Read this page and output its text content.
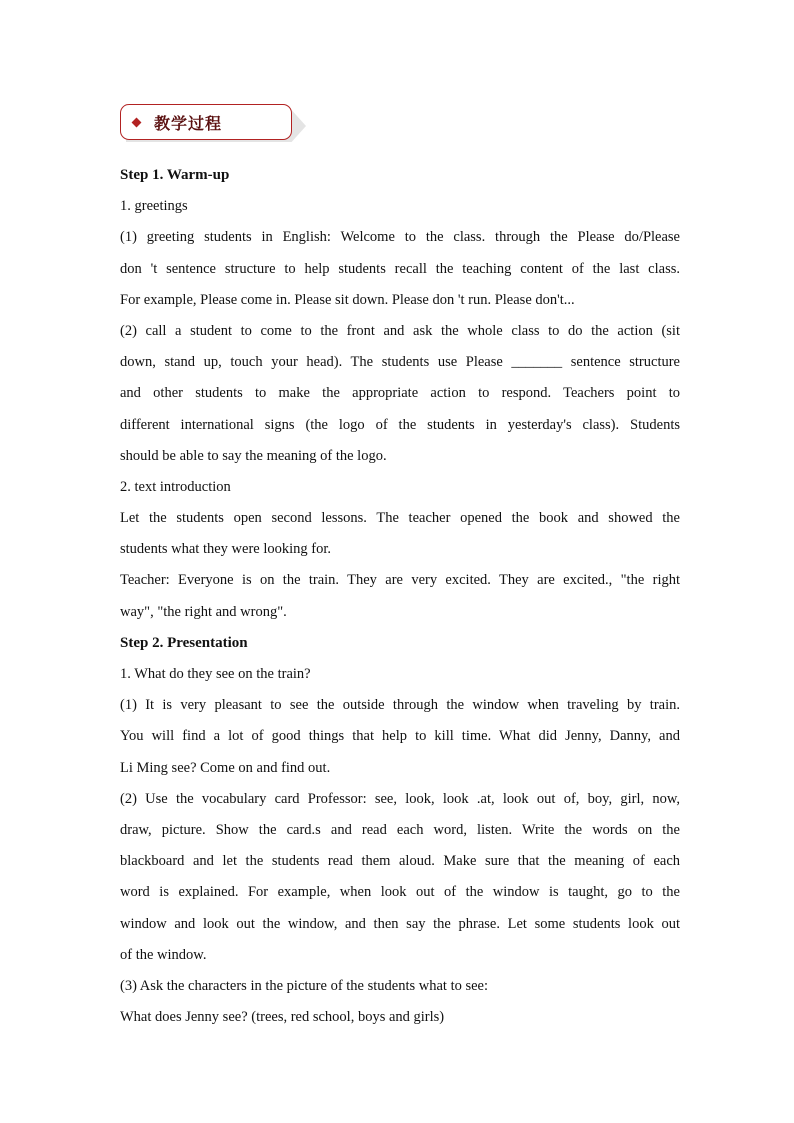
教学过程
Step 1. Warm-up
1. greetings
(1) greeting students in English: Welcome to the class. through the Please do/Please
don 't sentence structure to help students recall the teaching content of the last class.
For example, Please come in. Please sit down. Please don 't run. Please don't...
(2) call a student to come to the front and ask the whole class to do the action (sit
down, stand up, touch your head). The students use Please _______ sentence structure
and other students to make the appropriate action to respond. Teachers point to
different international signs (the logo of the students in yesterday's class). Students
should be able to say the meaning of the logo.
2. text introduction
Let the students open second lessons. The teacher opened the book and showed the
students what they were looking for.
Teacher: Everyone is on the train. They are very excited. They are excited., "the right
way", "the right and wrong".
Step 2. Presentation
1. What do they see on the train?
(1) It is very pleasant to see the outside through the window when traveling by train.
You will find a lot of good things that help to kill time. What did Jenny, Danny, and
Li Ming see? Come on and find out.
(2) Use the vocabulary card Professor: see, look, look .at, look out of, boy, girl, now,
draw, picture. Show the card.s and read each word, listen. Write the words on the
blackboard and let the students read them aloud. Make sure that the meaning of each
word is explained. For example, when look out of the window is taught, go to the
window and look out the window, and then say the phrase. Let some students look out
of the window.
(3) Ask the characters in the picture of the students what to see:
What does Jenny see? (trees, red school, boys and girls)
